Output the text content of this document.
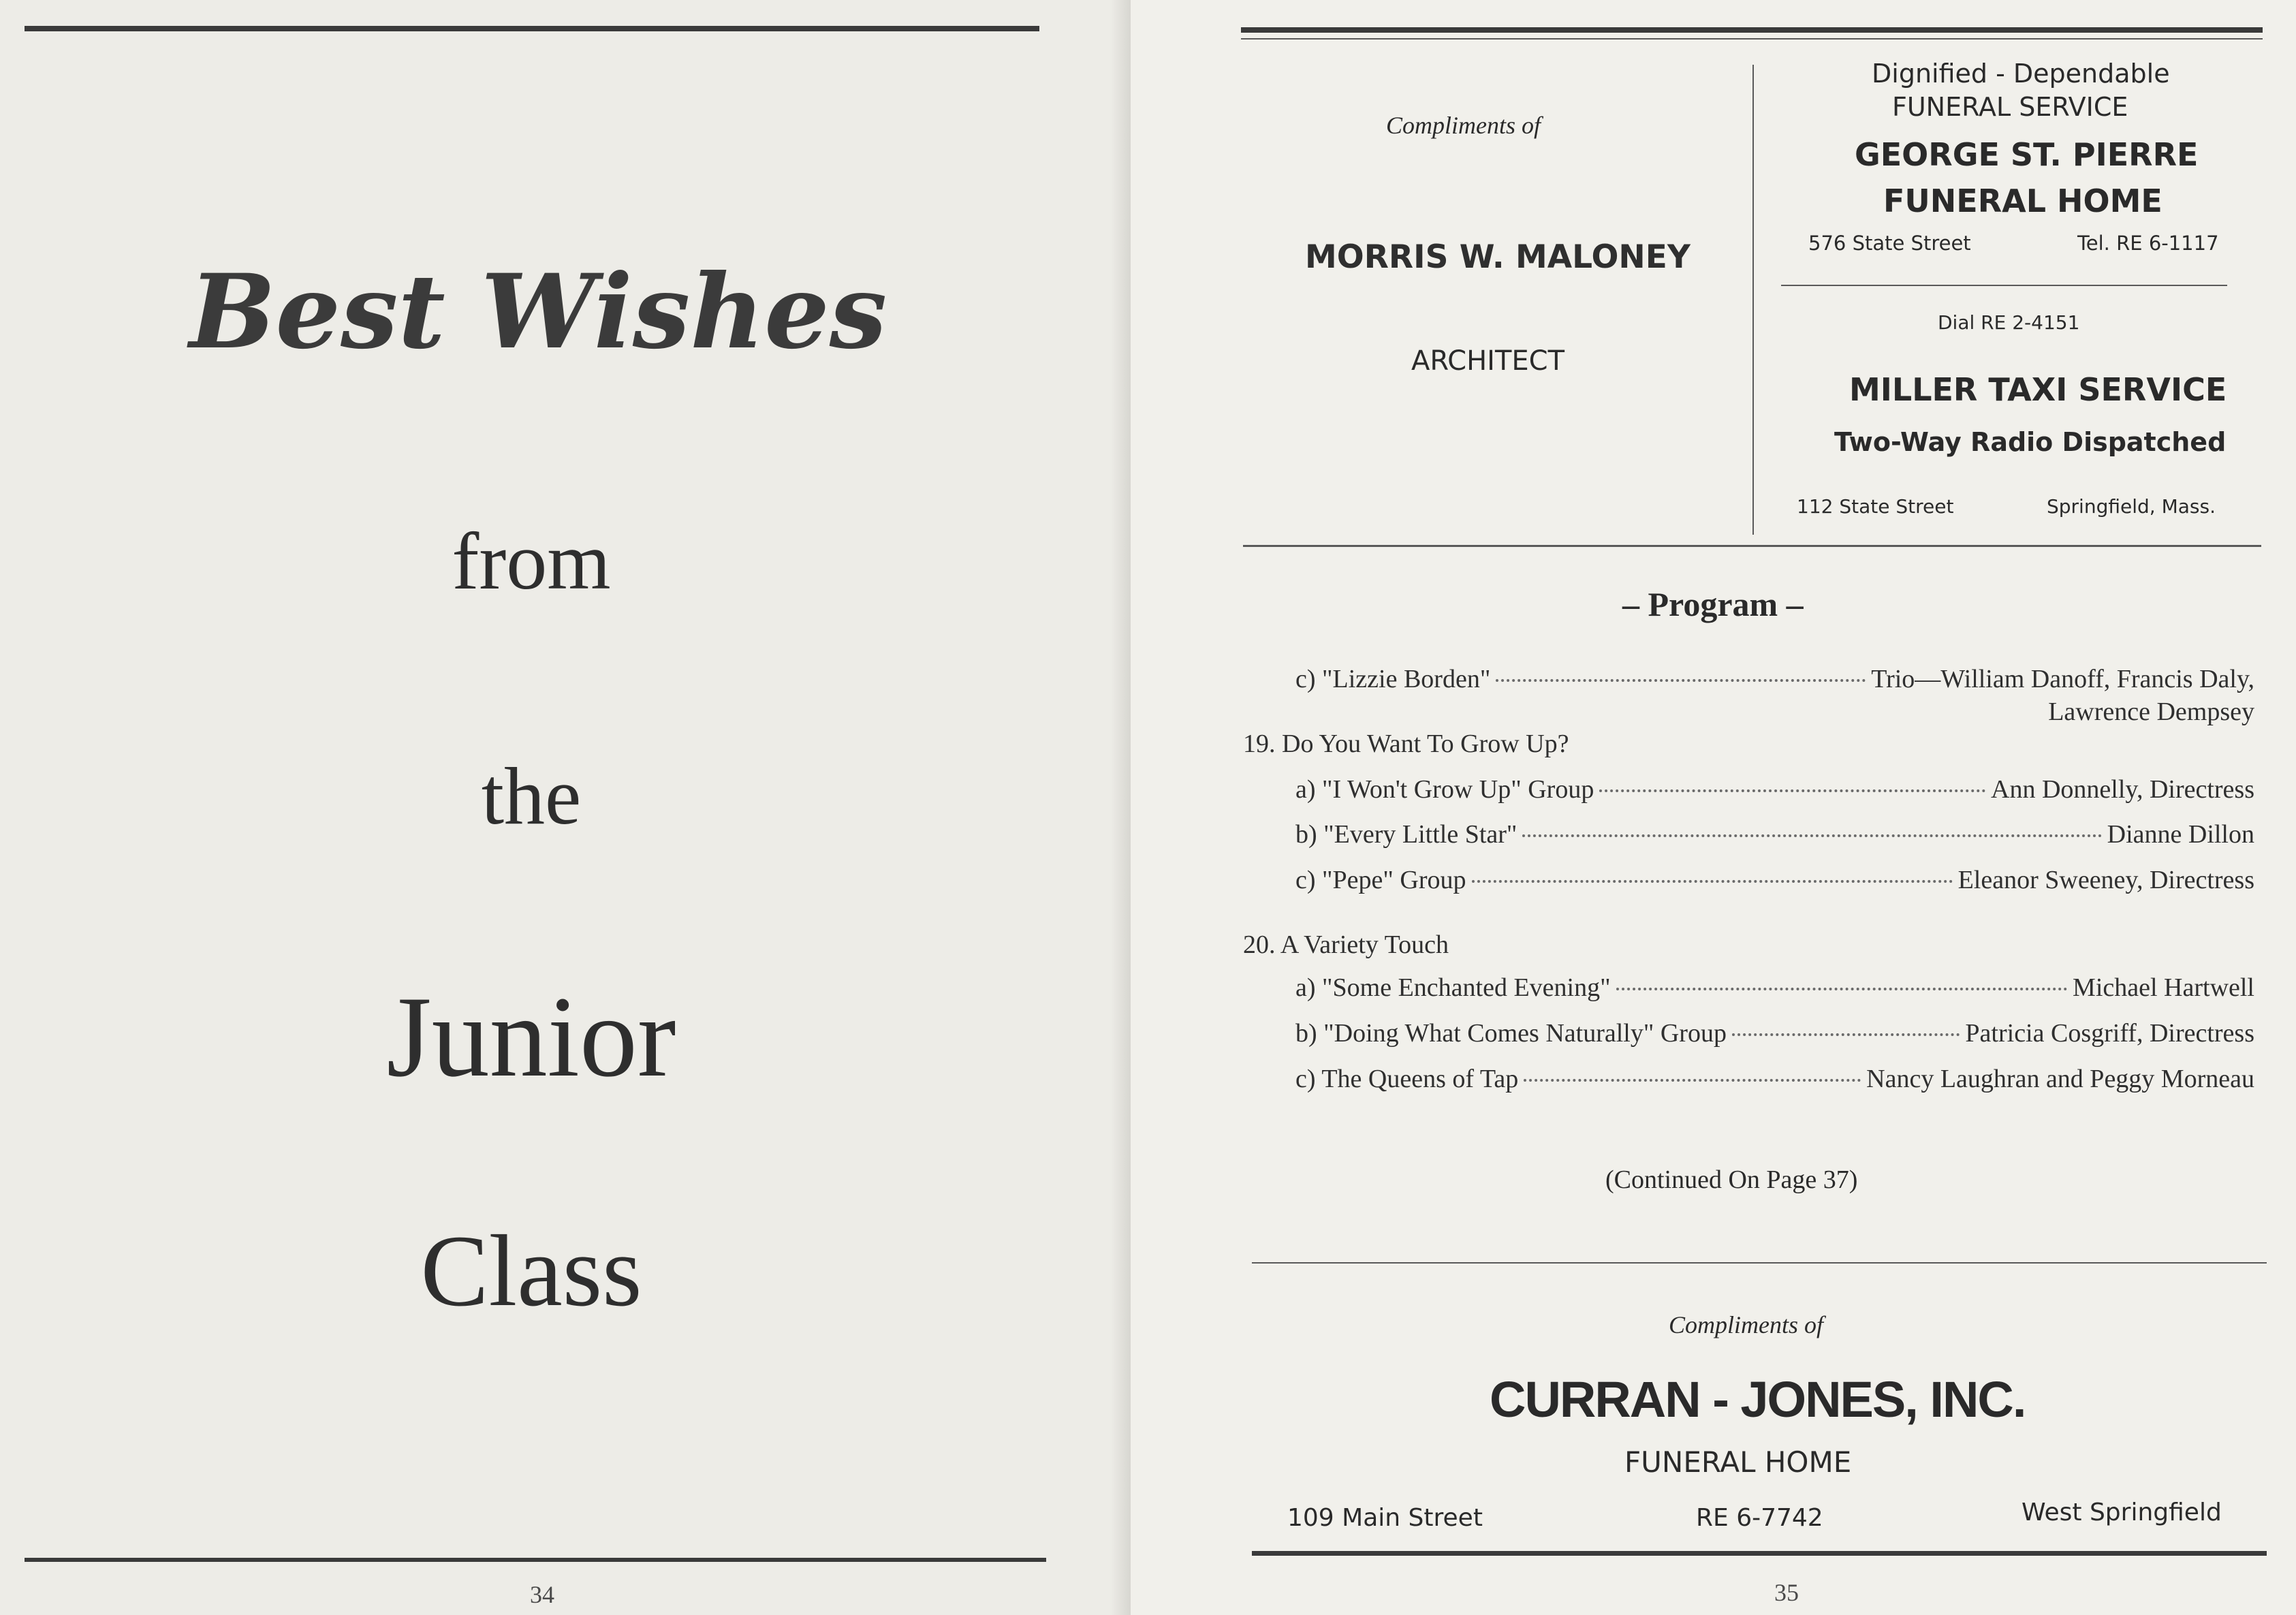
Best Wishes
from
the
Junior
Class
34
Compliments of
MORRIS W. MALONEY
ARCHITECT
Dignified - Dependable
FUNERAL SERVICE
GEORGE ST. PIERRE
FUNERAL HOME
576 State Street	Tel. RE 6-1117
Dial RE 2-4151
MILLER TAXI SERVICE
Two-Way Radio Dispatched
112 State Street	Springfield, Mass.
– Program –
c) "Lizzie Borden"	Trio—William Danoff, Francis Daly,
Lawrence Dempsey
19. Do You Want To Grow Up?
a) "I Won't Grow Up" Group	Ann Donnelly, Directress
b) "Every Little Star"	Dianne Dillon
c) "Pepe" Group	Eleanor Sweeney, Directress
20. A Variety Touch
a) "Some Enchanted Evening"	Michael Hartwell
b) "Doing What Comes Naturally" Group	Patricia Cosgriff, Directress
c) The Queens of Tap	Nancy Laughran and Peggy Morneau
(Continued On Page 37)
Compliments of
CURRAN - JONES, INC.
FUNERAL HOME
109 Main Street	RE 6-7742	West Springfield
35
